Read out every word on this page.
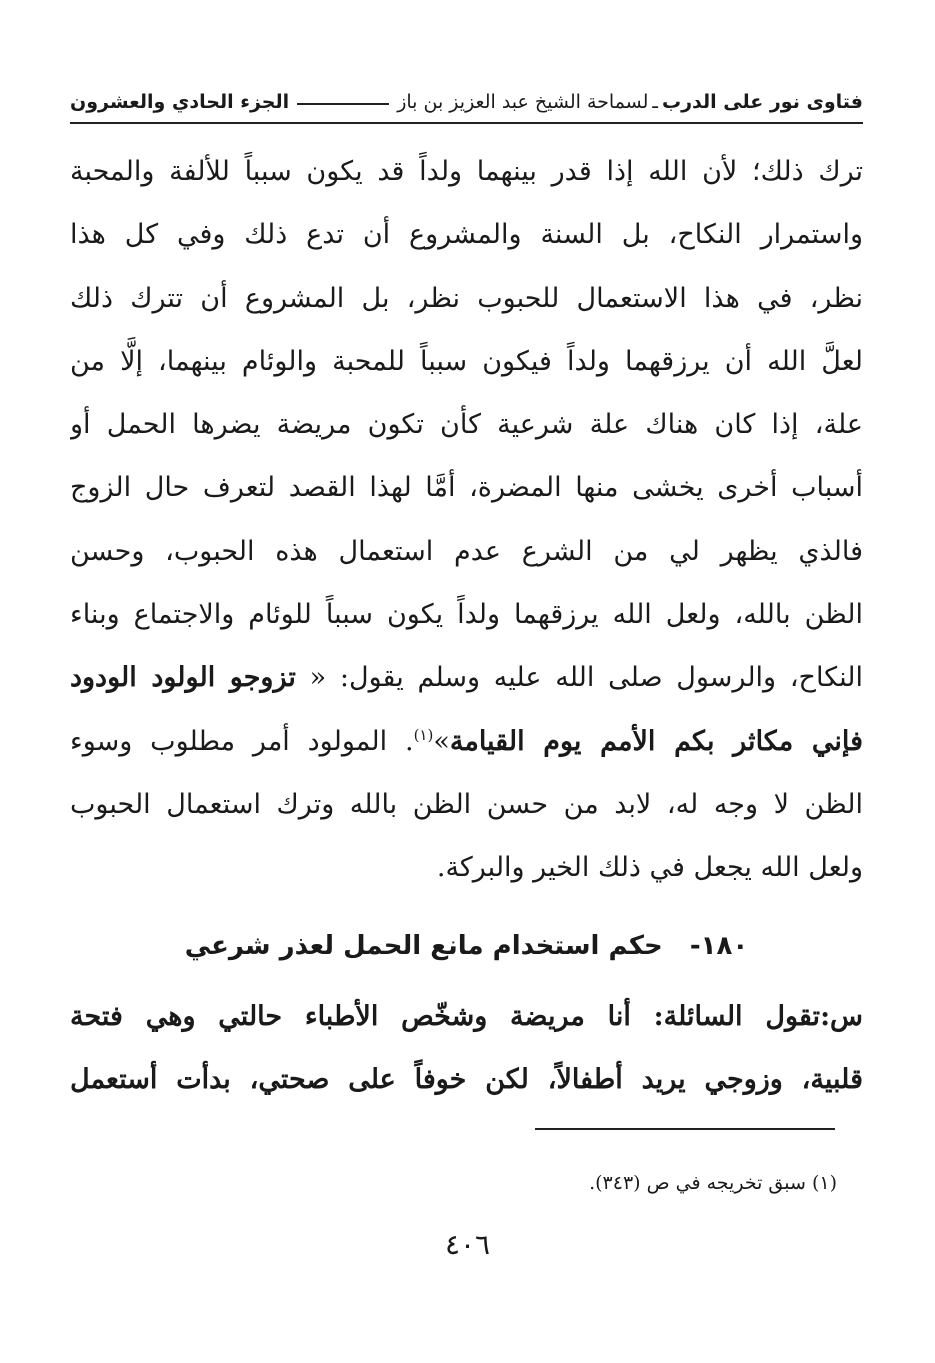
فتاوى نور على الدرب
ـ
لسماحة الشيخ عبد العزيز بن باز
الجزء الحادي والعشرون
ترك ذلك؛ لأن الله إذا قدر بينهما ولداً قد يكون سبباً للألفة والمحبة
واستمرار النكاح، بل السنة والمشروع أن تدع ذلك وفي كل هذا
نظر، في هذا الاستعمال للحبوب نظر، بل المشروع أن تترك ذلك
لعلَّ الله أن يرزقهما ولداً فيكون سبباً للمحبة والوئام بينهما، إلَّا من
علة، إذا كان هناك علة شرعية كأن تكون مريضة يضرها الحمل أو
أسباب أخرى يخشى منها المضرة، أمَّا لهذا القصد لتعرف حال الزوج
فالذي يظهر لي من الشرع عدم استعمال هذه الحبوب، وحسن
الظن بالله، ولعل الله يرزقهما ولداً يكون سبباً للوئام والاجتماع وبناء
النكاح، والرسول صلى الله عليه وسلم يقول: « تزوجو الولود الودود
فإني مكاثر بكم الأمم يوم القيامة»$^{(١)}$. المولود أمر مطلوب وسوء
الظن لا وجه له، لابد من حسن الظن بالله وترك استعمال الحبوب
ولعل الله يجعل في ذلك الخير والبركة.
١٨٠- حكم استخدام مانع الحمل لعذر شرعي
س:تقول السائلة: أنا مريضة وشخّص الأطباء حالتي وهي فتحة
قلبية، وزوجي يريد أطفالاً، لكن خوفاً على صحتي، بدأت أستعمل
(١) سبق تخريجه في ص (٣٤٣).
٤٠٦
